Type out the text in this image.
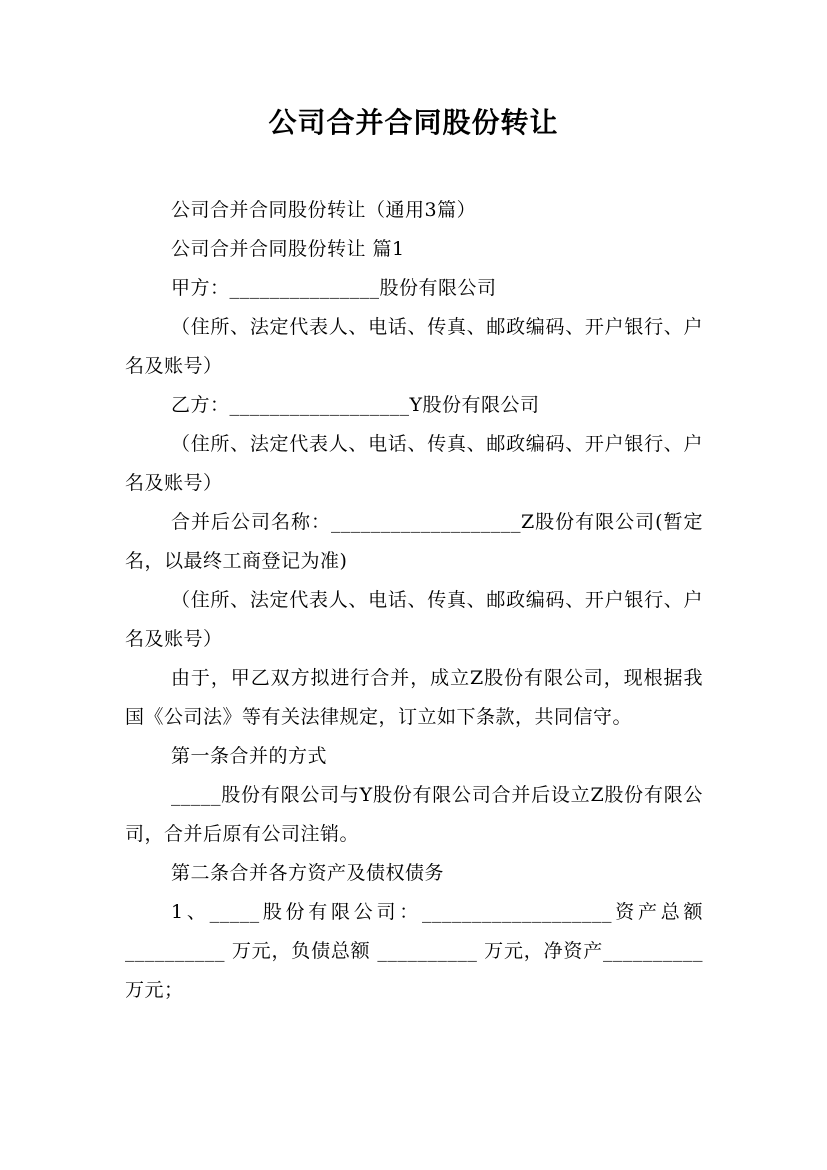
公司合并合同股份转让

公司合并合同股份转让（通用3篇）

公司合并合同股份转让 篇1

甲方：_______________股份有限公司

（住所、法定代表人、电话、传真、邮政编码、开户银行、户名及账号）

乙方：__________________Y股份有限公司

（住所、法定代表人、电话、传真、邮政编码、开户银行、户名及账号）

合并后公司名称：___________________Z股份有限公司(暂定名，以最终工商登记为准)

（住所、法定代表人、电话、传真、邮政编码、开户银行、户名及账号）

由于，甲乙双方拟进行合并，成立Z股份有限公司，现根据我国《公司法》等有关法律规定，订立如下条款，共同信守。

第一条合并的方式

_____股份有限公司与Y股份有限公司合并后设立Z股份有限公司，合并后原有公司注销。

第二条合并各方资产及债权债务

1、_____股份有限公司：___________________资产总额__________ 万元，负债总额 __________ 万元，净资产__________ 万元；
